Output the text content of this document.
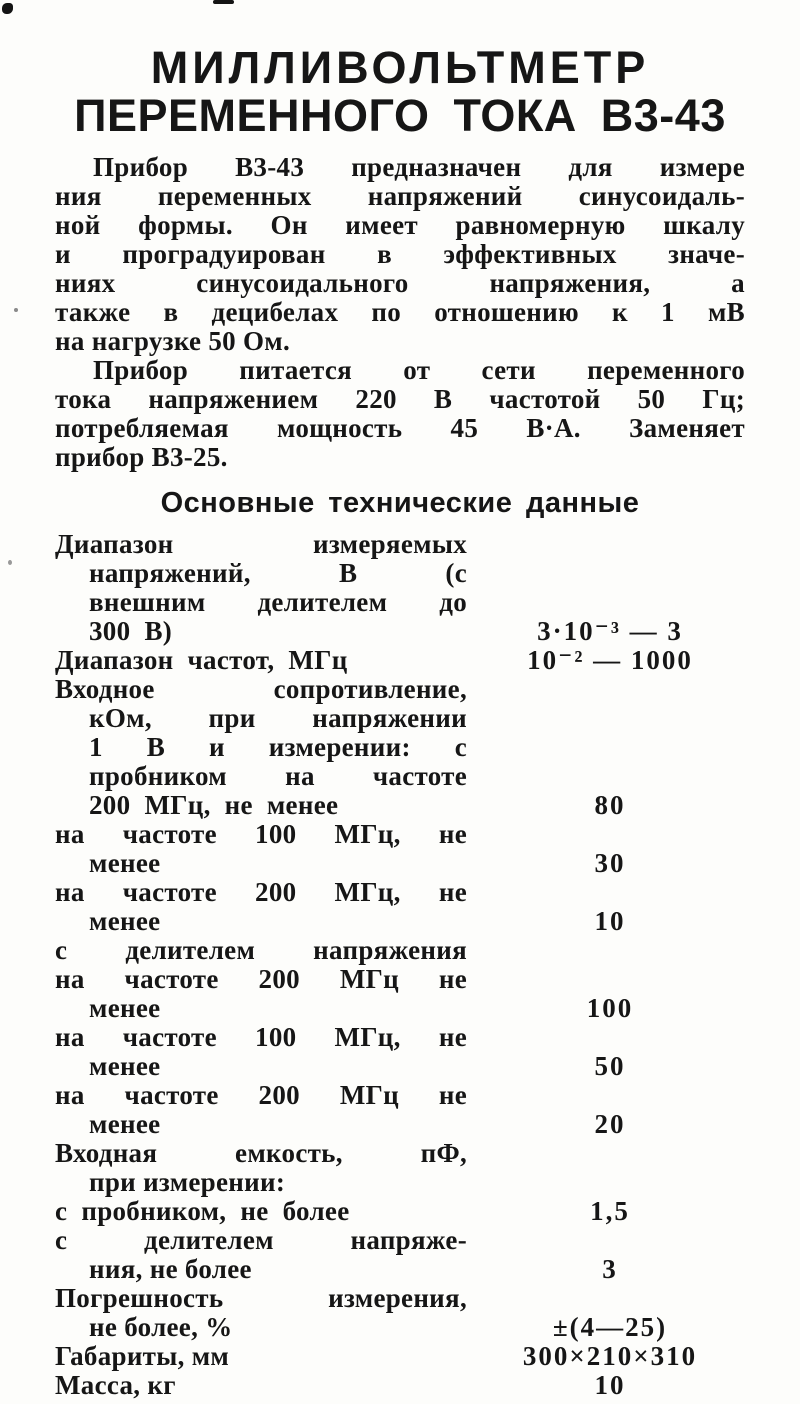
МИЛЛИВОЛЬТМЕТР
ПЕРЕМЕННОГО ТОКА В3-43
Прибор В3-43 предназначен для измере
ния переменных напряжений синусоидаль-
ной формы. Он имеет равномерную шкалу
и проградуирован в эффективных значе-
ниях синусоидального напряжения, а
также в децибелах по отношению к 1 мВ
на нагрузке 50 Ом.
Прибор питается от сети переменного
тока напряжением 220 В частотой 50 Гц;
потребляемая мощность 45 В·А. Заменяет
прибор В3-25.
Основные технические данные
Диапазон измеряемых
напряжений, В (с
внешним делителем до
300 В)	3·10⁻³ — 3
Диапазон частот, МГц	10⁻² — 1000
Входное сопротивление,
кОм, при напряжении
1 В и измерении: с
пробником на частоте
200 МГц, не менее	80
на частоте 100 МГц, не
менее	30
на частоте 200 МГц, не
менее	10
с делителем напряжения
на частоте 200 МГц не
менее	100
на частоте 100 МГц, не
менее	50
на частоте 200 МГц не
менее	20
Входная емкость, пФ,
при измерении:
с пробником, не более	1,5
с делителем напряже-
ния, не более	3
Погрешность измерения,
не более, %	±(4—25)
Габариты, мм	300×210×310
Масса, кг	10
